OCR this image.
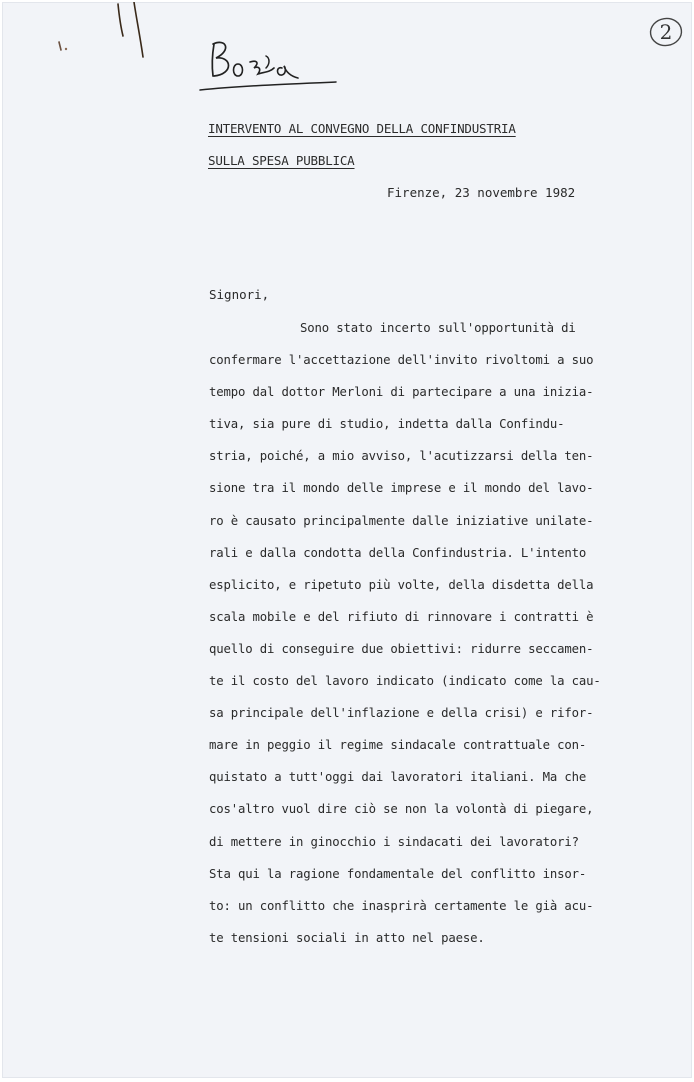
2
INTERVENTO AL CONVEGNO DELLA CONFINDUSTRIA
SULLA SPESA PUBBLICA
Firenze, 23 novembre 1982
Signori,
Sono stato incerto sull'opportunità di
confermare l'accettazione dell'invito rivoltomi a suo
tempo dal dottor Merloni di partecipare a una inizia-
tiva, sia pure di studio, indetta dalla Confindu-
stria, poiché, a mio avviso, l'acutizzarsi della ten-
sione tra il mondo delle imprese e il mondo del lavo-
ro è causato principalmente dalle iniziative unilate-
rali e dalla condotta della Confindustria. L'intento
esplicito, e ripetuto più volte, della disdetta della
scala mobile e del rifiuto di rinnovare i contratti è
quello di conseguire due obiettivi: ridurre seccamen-
te il costo del lavoro indicato (indicato come la cau-
sa principale dell'inflazione e della crisi) e rifor-
mare in peggio il regime sindacale contrattuale con-
quistato a tutt'oggi dai lavoratori italiani. Ma che
cos'altro vuol dire ciò se non la volontà di piegare,
di mettere in ginocchio i sindacati dei lavoratori?
Sta qui la ragione fondamentale del conflitto insor-
to: un conflitto che inasprirà certamente le già acu-
te tensioni sociali in atto nel paese.
